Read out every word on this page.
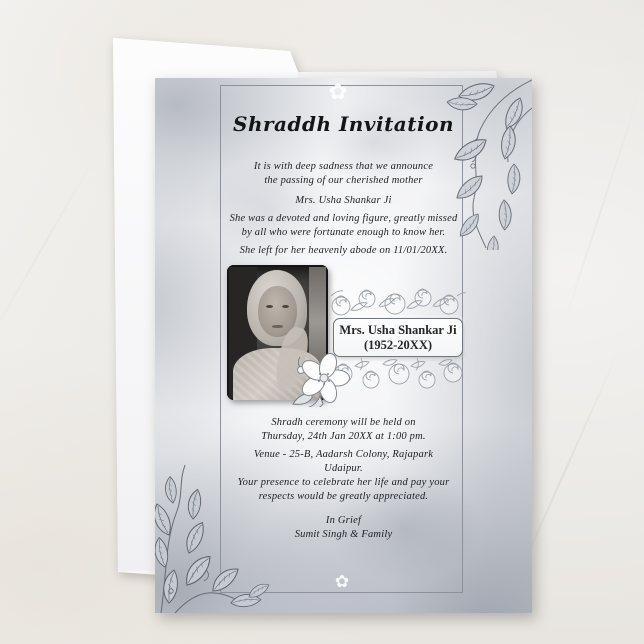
✿
✿
Shraddh Invitation
It is with deep sadness that we announce
the passing of our cherished mother
Mrs. Usha Shankar Ji
She was a devoted and loving figure, greatly missed
by all who were fortunate enough to know her.
She left for her heavenly abode on 11/01/20XX.
Mrs. Usha Shankar Ji
(1952-20XX)
Shradh ceremony will be held on
Thursday, 24th Jan 20XX at 1:00 pm.
Venue - 25-B, Aadarsh Colony, Rajapark
Udaipur.
Your presence to celebrate her life and pay your
respects would be greatly appreciated.
In Grief
Sumit Singh & Family
